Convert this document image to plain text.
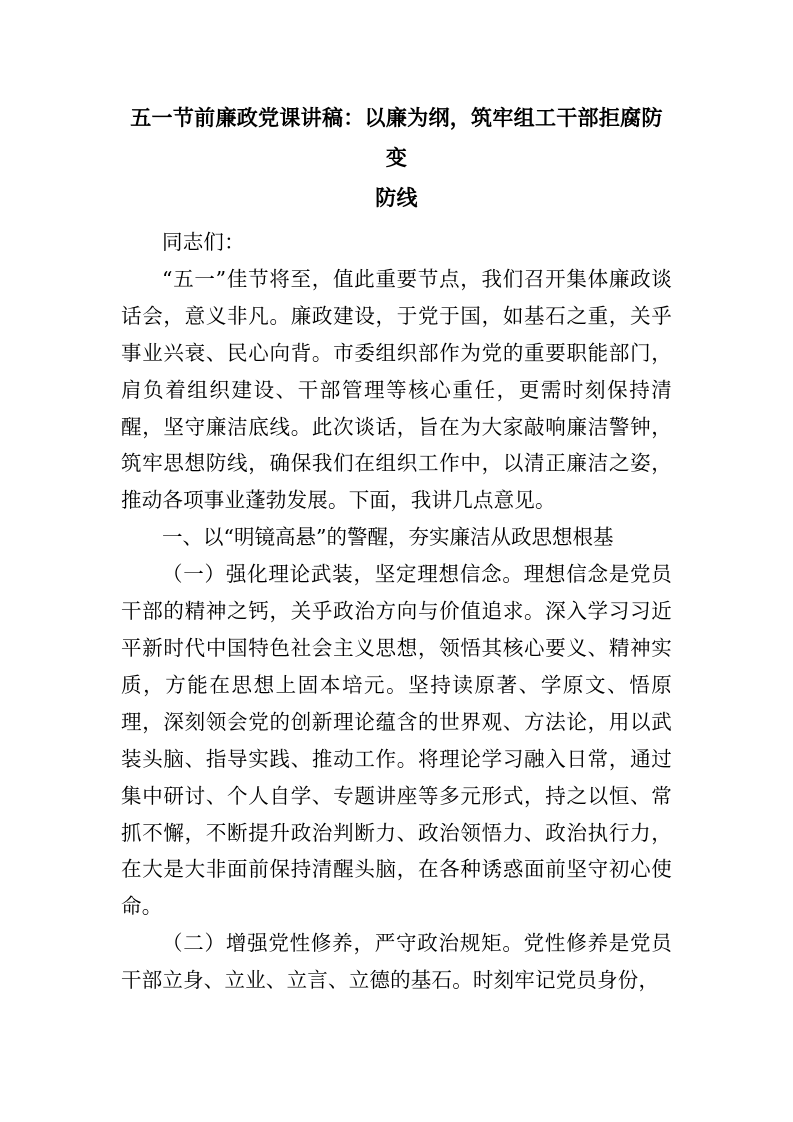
五一节前廉政党课讲稿：以廉为纲，筑牢组工干部拒腐防变
防线

同志们：

“五一”佳节将至，值此重要节点，我们召开集体廉政谈话会，意义非凡。廉政建设，于党于国，如基石之重，关乎事业兴衰、民心向背。市委组织部作为党的重要职能部门，肩负着组织建设、干部管理等核心重任，更需时刻保持清醒，坚守廉洁底线。此次谈话，旨在为大家敲响廉洁警钟，筑牢思想防线，确保我们在组织工作中，以清正廉洁之姿，推动各项事业蓬勃发展。下面，我讲几点意见。

一、以“明镜高悬”的警醒，夯实廉洁从政思想根基

（一）强化理论武装，坚定理想信念。理想信念是党员干部的精神之钙，关乎政治方向与价值追求。深入学习习近平新时代中国特色社会主义思想，领悟其核心要义、精神实质，方能在思想上固本培元。坚持读原著、学原文、悟原理，深刻领会党的创新理论蕴含的世界观、方法论，用以武装头脑、指导实践、推动工作。将理论学习融入日常，通过集中研讨、个人自学、专题讲座等多元形式，持之以恒、常抓不懈，不断提升政治判断力、政治领悟力、政治执行力，在大是大非面前保持清醒头脑，在各种诱惑面前坚守初心使命。

（二）增强党性修养，严守政治规矩。党性修养是党员干部立身、立业、立言、立德的基石。时刻牢记党员身份，
